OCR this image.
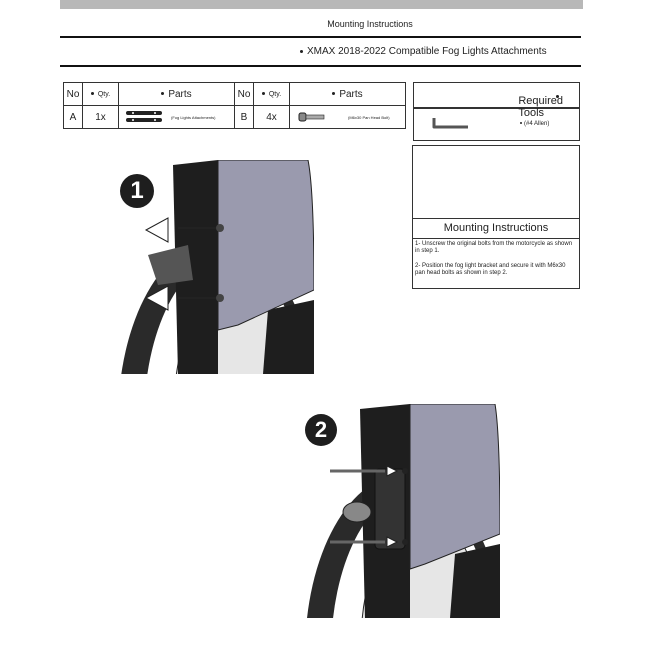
Mounting Instructions
XMAX 2018-2022 Compatible Fog Lights Attachments
No	Qty.	Parts	No	Qty.	Parts
A	1x	(Fog Lights Attachments)	B	4x	(M6x30 Pan Head Bolt)
Required Tools
(#4 Allen)
Mounting Instructions
1- Unscrew the original bolts from the motorcycle as shown in step 1.
2- Position the fog light bracket and secure it with M6x30 pan head bolts as shown in step 2.
1
2
